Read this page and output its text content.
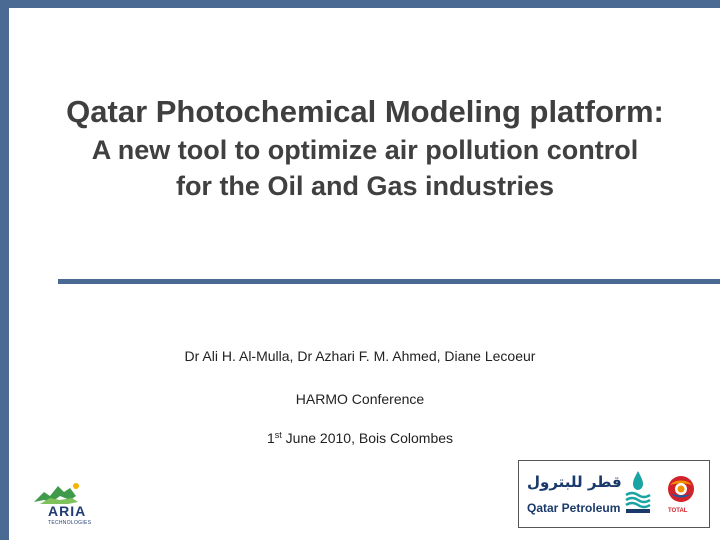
Qatar Photochemical Modeling platform:
A new tool to optimize air pollution control
for the Oil and Gas industries
Dr Ali H. Al-Mulla, Dr Azhari F. M. Ahmed, Diane Lecoeur
HARMO Conference
1st June 2010, Bois Colombes
ARIA
TECHNOLOGIES
قطر للبترول
Qatar Petroleum	TOTAL
